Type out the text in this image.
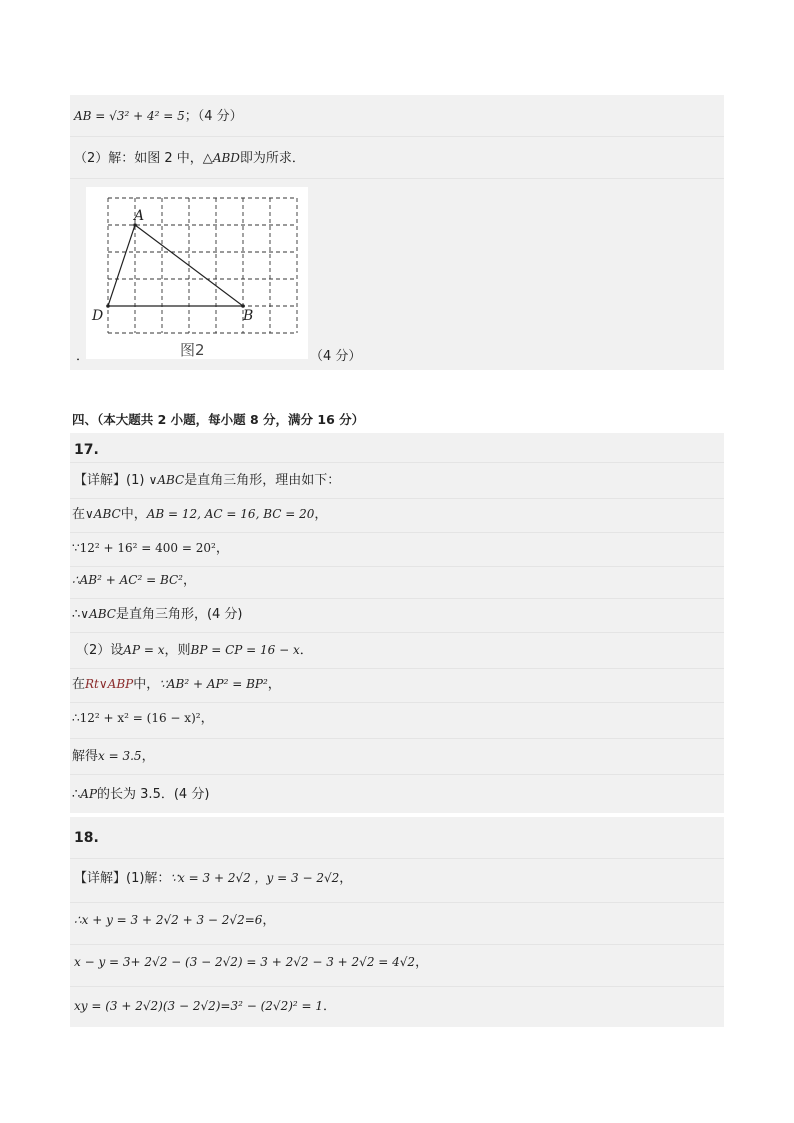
AB = √3² + 4² = 5；（4 分）
（2）解：如图 2 中，△ABD即为所求．
A
B
D
图2
．	（4 分）
四、（本大题共 2 小题，每小题 8 分，满分 16 分）
17.
【详解】(1) ∨ABC是直角三角形，理由如下：
在∨ABC中，AB = 12, AC = 16, BC = 20，
∵12² + 16² = 400 = 20²，
∴AB² + AC² = BC²，
∴∨ABC是直角三角形，(4 分)
（2）设AP = x，则BP = CP = 16 − x．
在Rt∨ABP中，∵AB² + AP² = BP²，
∴12² + x² = (16 − x)²，
解得x = 3.5，
∴AP的长为 3.5．(4 分)
18.
【详解】(1)解：∵x = 3 + 2√2 ，y = 3 − 2√2，
∴x + y = 3 + 2√2 + 3 − 2√2=6，
x − y = 3+ 2√2 − (3 − 2√2) = 3 + 2√2 − 3 + 2√2 = 4√2，
xy = (3 + 2√2)(3 − 2√2)=3² − (2√2)² = 1．
